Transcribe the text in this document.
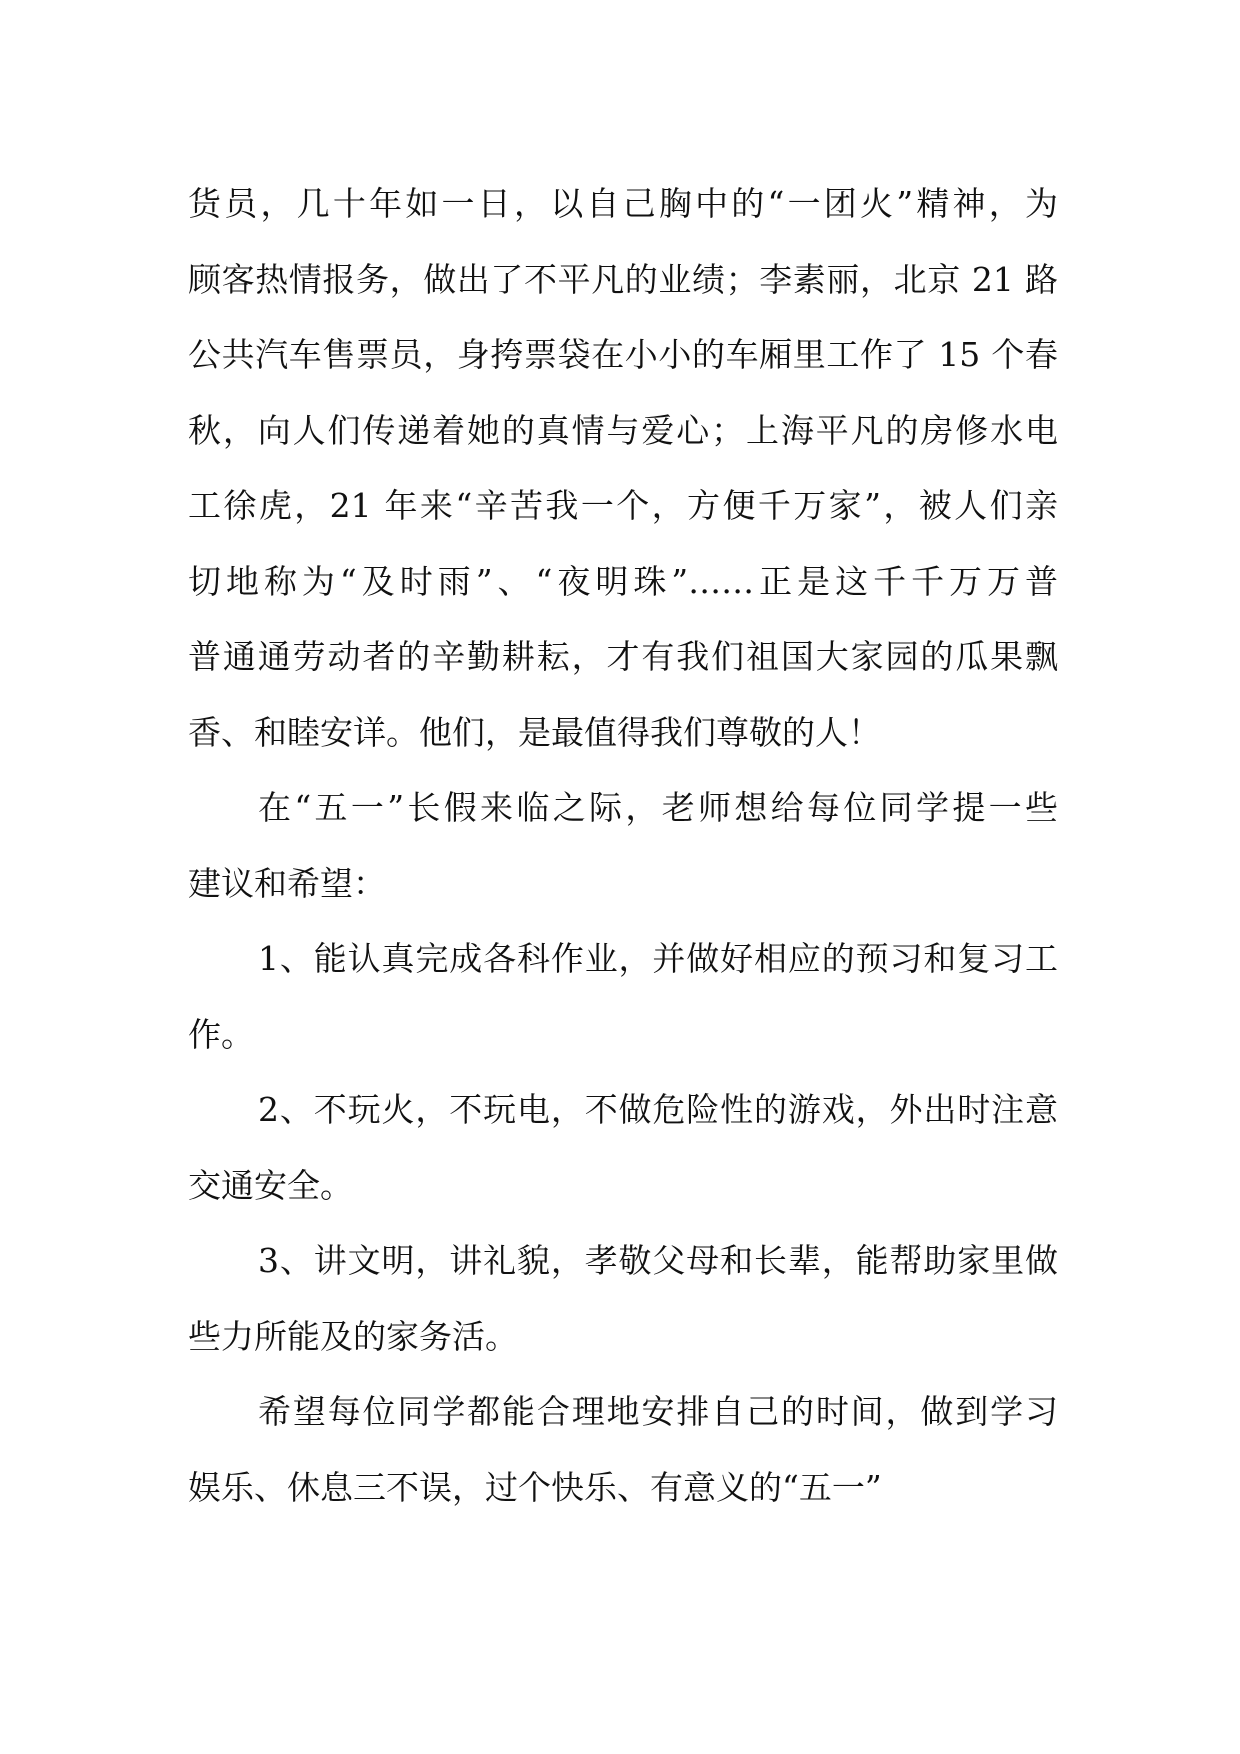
货员，几十年如一日，以自己胸中的“一团火”精神，为
顾客热情报务，做出了不平凡的业绩；李素丽，北京 21 路
公共汽车售票员，身挎票袋在小小的车厢里工作了 15 个春
秋，向人们传递着她的真情与爱心；上海平凡的房修水电
工徐虎，21 年来“辛苦我一个，方便千万家”，被人们亲
切地称为“及时雨”、“夜明珠”……正是这千千万万普
普通通劳动者的辛勤耕耘，才有我们祖国大家园的瓜果飘
香、和睦安详。他们，是最值得我们尊敬的人！
在“五一”长假来临之际，老师想给每位同学提一些
建议和希望：
1、能认真完成各科作业，并做好相应的预习和复习工
作。
2、不玩火，不玩电，不做危险性的游戏，外出时注意
交通安全。
3、讲文明，讲礼貌，孝敬父母和长辈，能帮助家里做
些力所能及的家务活。
希望每位同学都能合理地安排自己的时间，做到学习
娱乐、休息三不误，过个快乐、有意义的“五一”
